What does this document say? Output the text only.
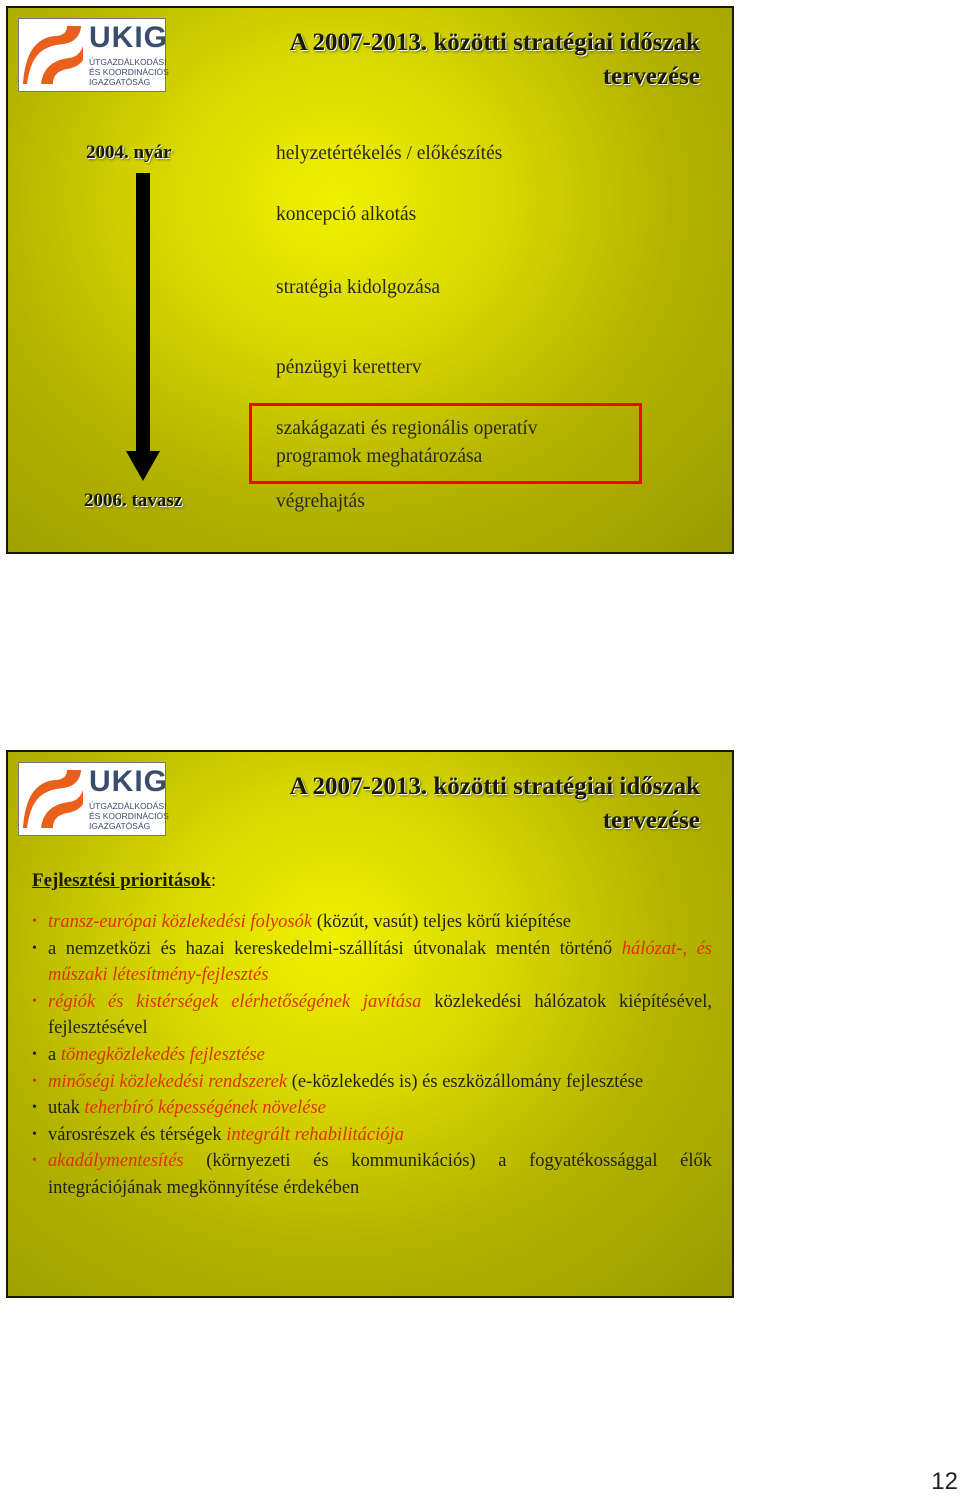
UKIG
ÚTGAZDÁLKODÁSI
ÉS KOORDINÁCIÓS
IGAZGATÓSÁG
A 2007-2013. közötti stratégiai időszak
tervezése
2004. nyár
2006. tavasz
helyzetértékelés / előkészítés
koncepció alkotás
stratégia kidolgozása
pénzügyi keretterv
szakágazati és regionális operatív
programok meghatározása
végrehajtás
UKIG
ÚTGAZDÁLKODÁSI
ÉS KOORDINÁCIÓS
IGAZGATÓSÁG
A 2007-2013. közötti stratégiai időszak
tervezése
Fejlesztési prioritások:
• transz-európai közlekedési folyosók (közút, vasút) teljes körű kiépítése
• a nemzetközi és hazai kereskedelmi-szállítási útvonalak mentén történő hálózat-, és műszaki létesítmény-fejlesztés
• régiók és kistérségek elérhetőségének javítása közlekedési hálózatok kiépítésével, fejlesztésével
• a tömegközlekedés fejlesztése
• minőségi közlekedési rendszerek (e-közlekedés is) és eszközállomány fejlesztése
• utak teherbíró képességének növelése
• városrészek és térségek integrált rehabilitációja
• akadálymentesítés (környezeti és kommunikációs) a fogyatékossággal élők integrációjának megkönnyítése érdekében
12
